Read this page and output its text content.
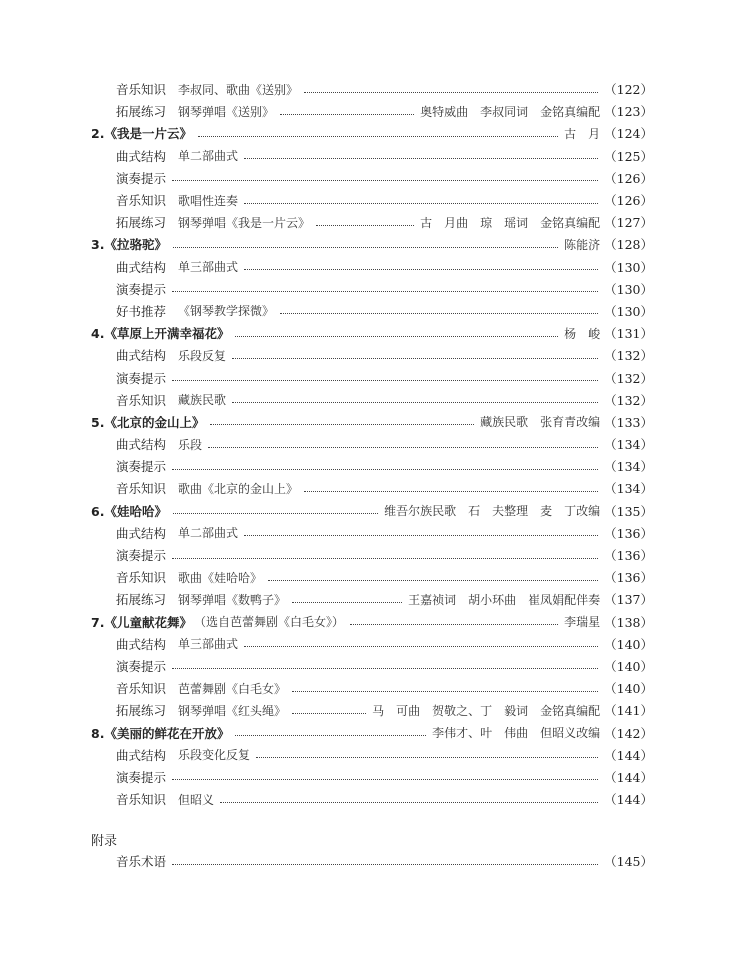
音乐知识 李叔同、歌曲《送别》	（122）
拓展练习 钢琴弹唱《送别》	奥特威曲　李叔同词　金铭真编配 （123）
2.《我是一片云》	古　月 （124）
曲式结构 单二部曲式	（125）
演奏提示	（126）
音乐知识 歌唱性连奏	（126）
拓展练习 钢琴弹唱《我是一片云》	古　月曲　琼　瑶词　金铭真编配 （127）
3.《拉骆驼》	陈能济 （128）
曲式结构 单三部曲式	（130）
演奏提示	（130）
好书推荐 《钢琴教学探微》	（130）
4.《草原上开满幸福花》	杨　峻 （131）
曲式结构 乐段反复	（132）
演奏提示	（132）
音乐知识 藏族民歌	（132）
5.《北京的金山上》	藏族民歌　张育青改编 （133）
曲式结构 乐段	（134）
演奏提示	（134）
音乐知识 歌曲《北京的金山上》	（134）
6.《娃哈哈》	维吾尔族民歌　石　夫整理　麦　丁改编 （135）
曲式结构 单二部曲式	（136）
演奏提示	（136）
音乐知识 歌曲《娃哈哈》	（136）
拓展练习 钢琴弹唱《数鸭子》	王嘉祯词　胡小环曲　崔凤娟配伴奏 （137）
7.《儿童献花舞》 （选自芭蕾舞剧《白毛女》）	李瑞星 （138）
曲式结构 单三部曲式	（140）
演奏提示	（140）
音乐知识 芭蕾舞剧《白毛女》	（140）
拓展练习 钢琴弹唱《红头绳》	马　可曲　贺敬之、丁　毅词　金铭真编配 （141）
8.《美丽的鲜花在开放》	李伟才、叶　伟曲　但昭义改编 （142）
曲式结构 乐段变化反复	（144）
演奏提示	（144）
音乐知识 但昭义	（144）
附录
音乐术语	（145）
